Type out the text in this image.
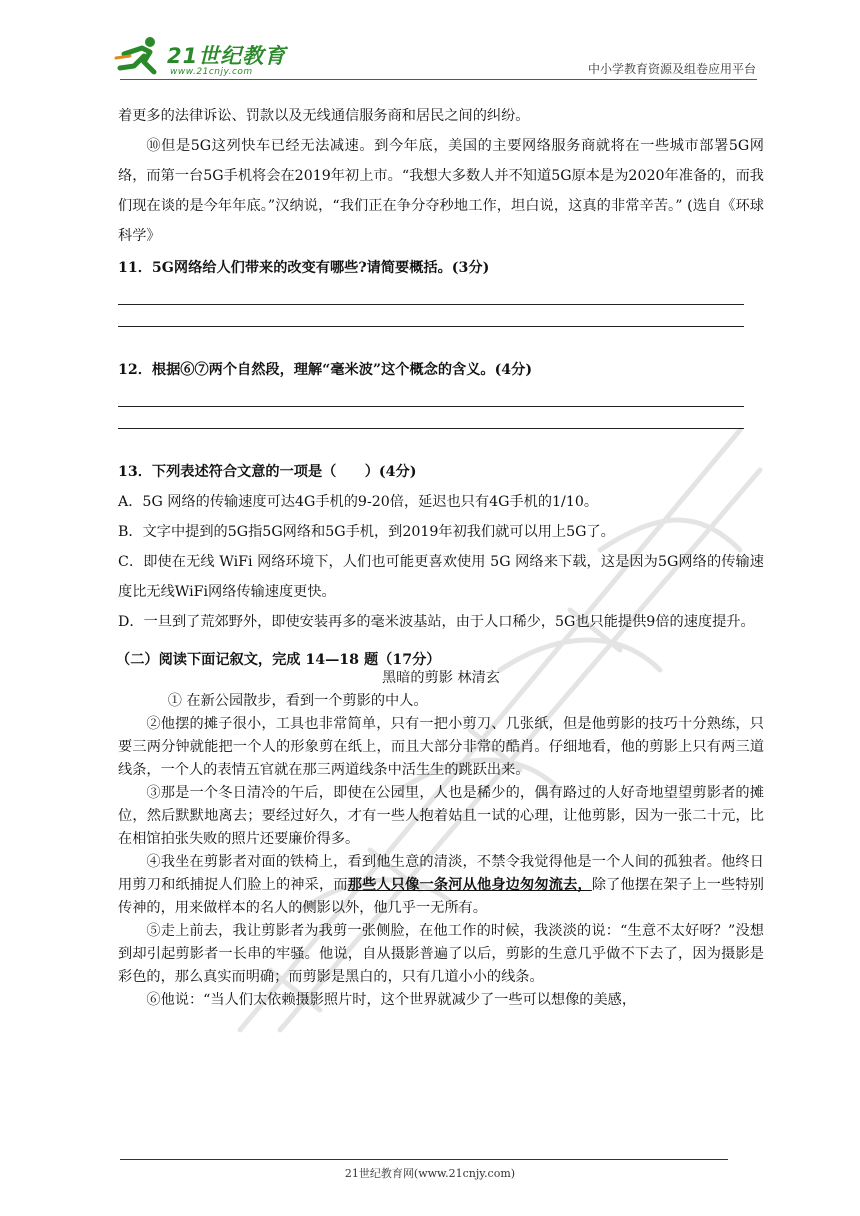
21世纪教育
www.21cnjy.com	中小学教育资源及组卷应用平台

着更多的法律诉讼、罚款以及无线通信服务商和居民之间的纠纷。

⑩但是5G这列快车已经无法减速。到今年底，美国的主要网络服务商就将在一些城市部署5G网络，而第一台5G手机将会在2019年初上市。“我想大多数人并不知道5G原本是为2020年准备的，而我们现在谈的是今年年底。”汉纳说，“我们正在争分夺秒地工作，坦白说，这真的非常辛苦。” (选自《环球科学》

11．5G网络给人们带来的改变有哪些?请简要概括。(3分)

12．根据⑥⑦两个自然段，理解“毫米波”这个概念的含义。(4分)

13．下列表述符合文意的一项是（　　）(4分)

A．5G 网络的传输速度可达4G手机的9-20倍，延迟也只有4G手机的1/10。

B．文字中提到的5G指5G网络和5G手机，到2019年初我们就可以用上5G了。

C．即使在无线 WiFi 网络环境下，人们也可能更喜欢使用 5G 网络来下载，这是因为5G网络的传输速度比无线WiFi网络传输速度更快。

D．一旦到了荒郊野外，即使安装再多的毫米波基站，由于人口稀少，5G也只能提供9倍的速度提升。

（二）阅读下面记叙文，完成 14—18 题（17分）

黑暗的剪影 林清玄

① 在新公园散步，看到一个剪影的中人。

②他摆的摊子很小，工具也非常简单，只有一把小剪刀、几张纸，但是他剪影的技巧十分熟练，只要三两分钟就能把一个人的形象剪在纸上，而且大部分非常的酷肖。仔细地看，他的剪影上只有两三道线条，一个人的表情五官就在那三两道线条中活生生的跳跃出来。

③那是一个冬日清冷的午后，即使在公园里，人也是稀少的，偶有路过的人好奇地望望剪影者的摊位，然后默默地离去；要经过好久，才有一些人抱着姑且一试的心理，让他剪影，因为一张二十元，比在相馆拍张失败的照片还要廉价得多。

④我坐在剪影者对面的铁椅上，看到他生意的清淡，不禁令我觉得他是一个人间的孤独者。他终日用剪刀和纸捕捉人们脸上的神采，而那些人只像一条河从他身边匆匆流去，除了他摆在架子上一些特别传神的，用来做样本的名人的侧影以外，他几乎一无所有。

⑤走上前去，我让剪影者为我剪一张侧脸，在他工作的时候，我淡淡的说：“生意不太好呀？”没想到却引起剪影者一长串的牢骚。他说，自从摄影普遍了以后，剪影的生意几乎做不下去了，因为摄影是彩色的，那么真实而明确；而剪影是黑白的，只有几道小小的线条。

⑥他说：“当人们太依赖摄影照片时，这个世界就减少了一些可以想像的美感，

21世纪教育网(www.21cnjy.com)
